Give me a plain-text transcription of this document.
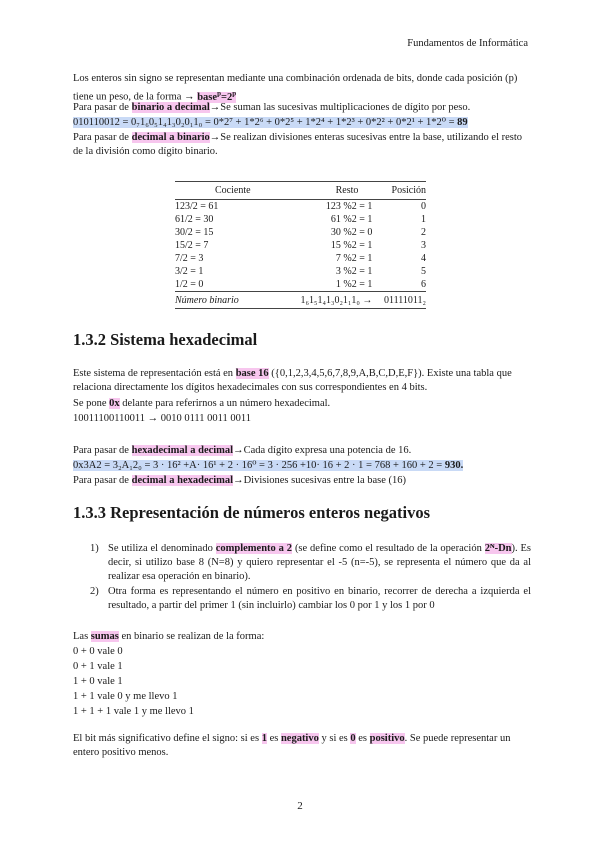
Fundamentos de Informática
Los enteros sin signo se representan mediante una combinación ordenada de bits, donde cada posición (p) tiene un peso, de la forma → $base^p=2^p$
Para pasar de binario a decimal→Se suman las sucesivas multiplicaciones de dígito por peso.
010110012 = 0₇1₆0₅1₄1₃0₂0₁1₀ = 0*2⁷ + 1*2⁶ + 0*2⁵ + 1*2⁴ + 1*2³ + 0*2² + 0*2¹ + 1*2⁰ = 89
Para pasar de decimal a binario→Se realizan divisiones enteras sucesivas entre la base, utilizando el resto de la división como dígito binario.
Cociente	Resto	Posición
123/2 = 61	123 %2 = 1	0
61/2 = 30	61 %2 = 1	1
30/2 = 15	30 %2 = 0	2
15/2 = 7	15 %2 = 1	3
7/2 = 3	7 %2 = 1	4
3/2 = 1	3 %2 = 1	5
1/2 = 0	1 %2 = 1	6
Número binario	1₆1₅1₄1₃0₂1₁1₀ →	01111011₂
1.3.2 Sistema hexadecimal
Este sistema de representación está en base 16 ({0,1,2,3,4,5,6,7,8,9,A,B,C,D,E,F}). Existe una tabla que relaciona directamente los dígitos hexadecimales con sus correspondientes en 4 bits.
Se pone 0x delante para referirnos a un número hexadecimal.
10011100110011 → 0010 0111 0011 0011
Para pasar de hexadecimal a decimal→Cada dígito expresa una potencia de 16.
0x3A2 = 3₂A₁2₀ = 3 · 16² +A· 16¹ + 2 · 16⁰ = 3 · 256 +10· 16 + 2 · 1 = 768 + 160 + 2 = 930.
Para pasar de decimal a hexadecimal→Divisiones sucesivas entre la base (16)
1.3.3 Representación de números enteros negativos
1) Se utiliza el denominado complemento a 2 (se define como el resultado de la operación 2ᴺ-Dn). Es decir, si utilizo base 8 (N=8) y quiero representar el -5 (n=-5), se representa el número que da al realizar esa operación en binario).
2) Otra forma es representando el número en positivo en binario, recorrer de derecha a izquierda el resultado, a partir del primer 1 (sin incluirlo) cambiar los 0 por 1 y los 1 por 0
Las sumas en binario se realizan de la forma:
0 + 0 vale 0
0 + 1 vale 1
1 + 0 vale 1
1 + 1 vale 0 y me llevo 1
1 + 1 + 1 vale 1 y me llevo 1
El bit más significativo define el signo: si es 1 es negativo y si es 0 es positivo. Se puede representar un entero positivo menos.
2
